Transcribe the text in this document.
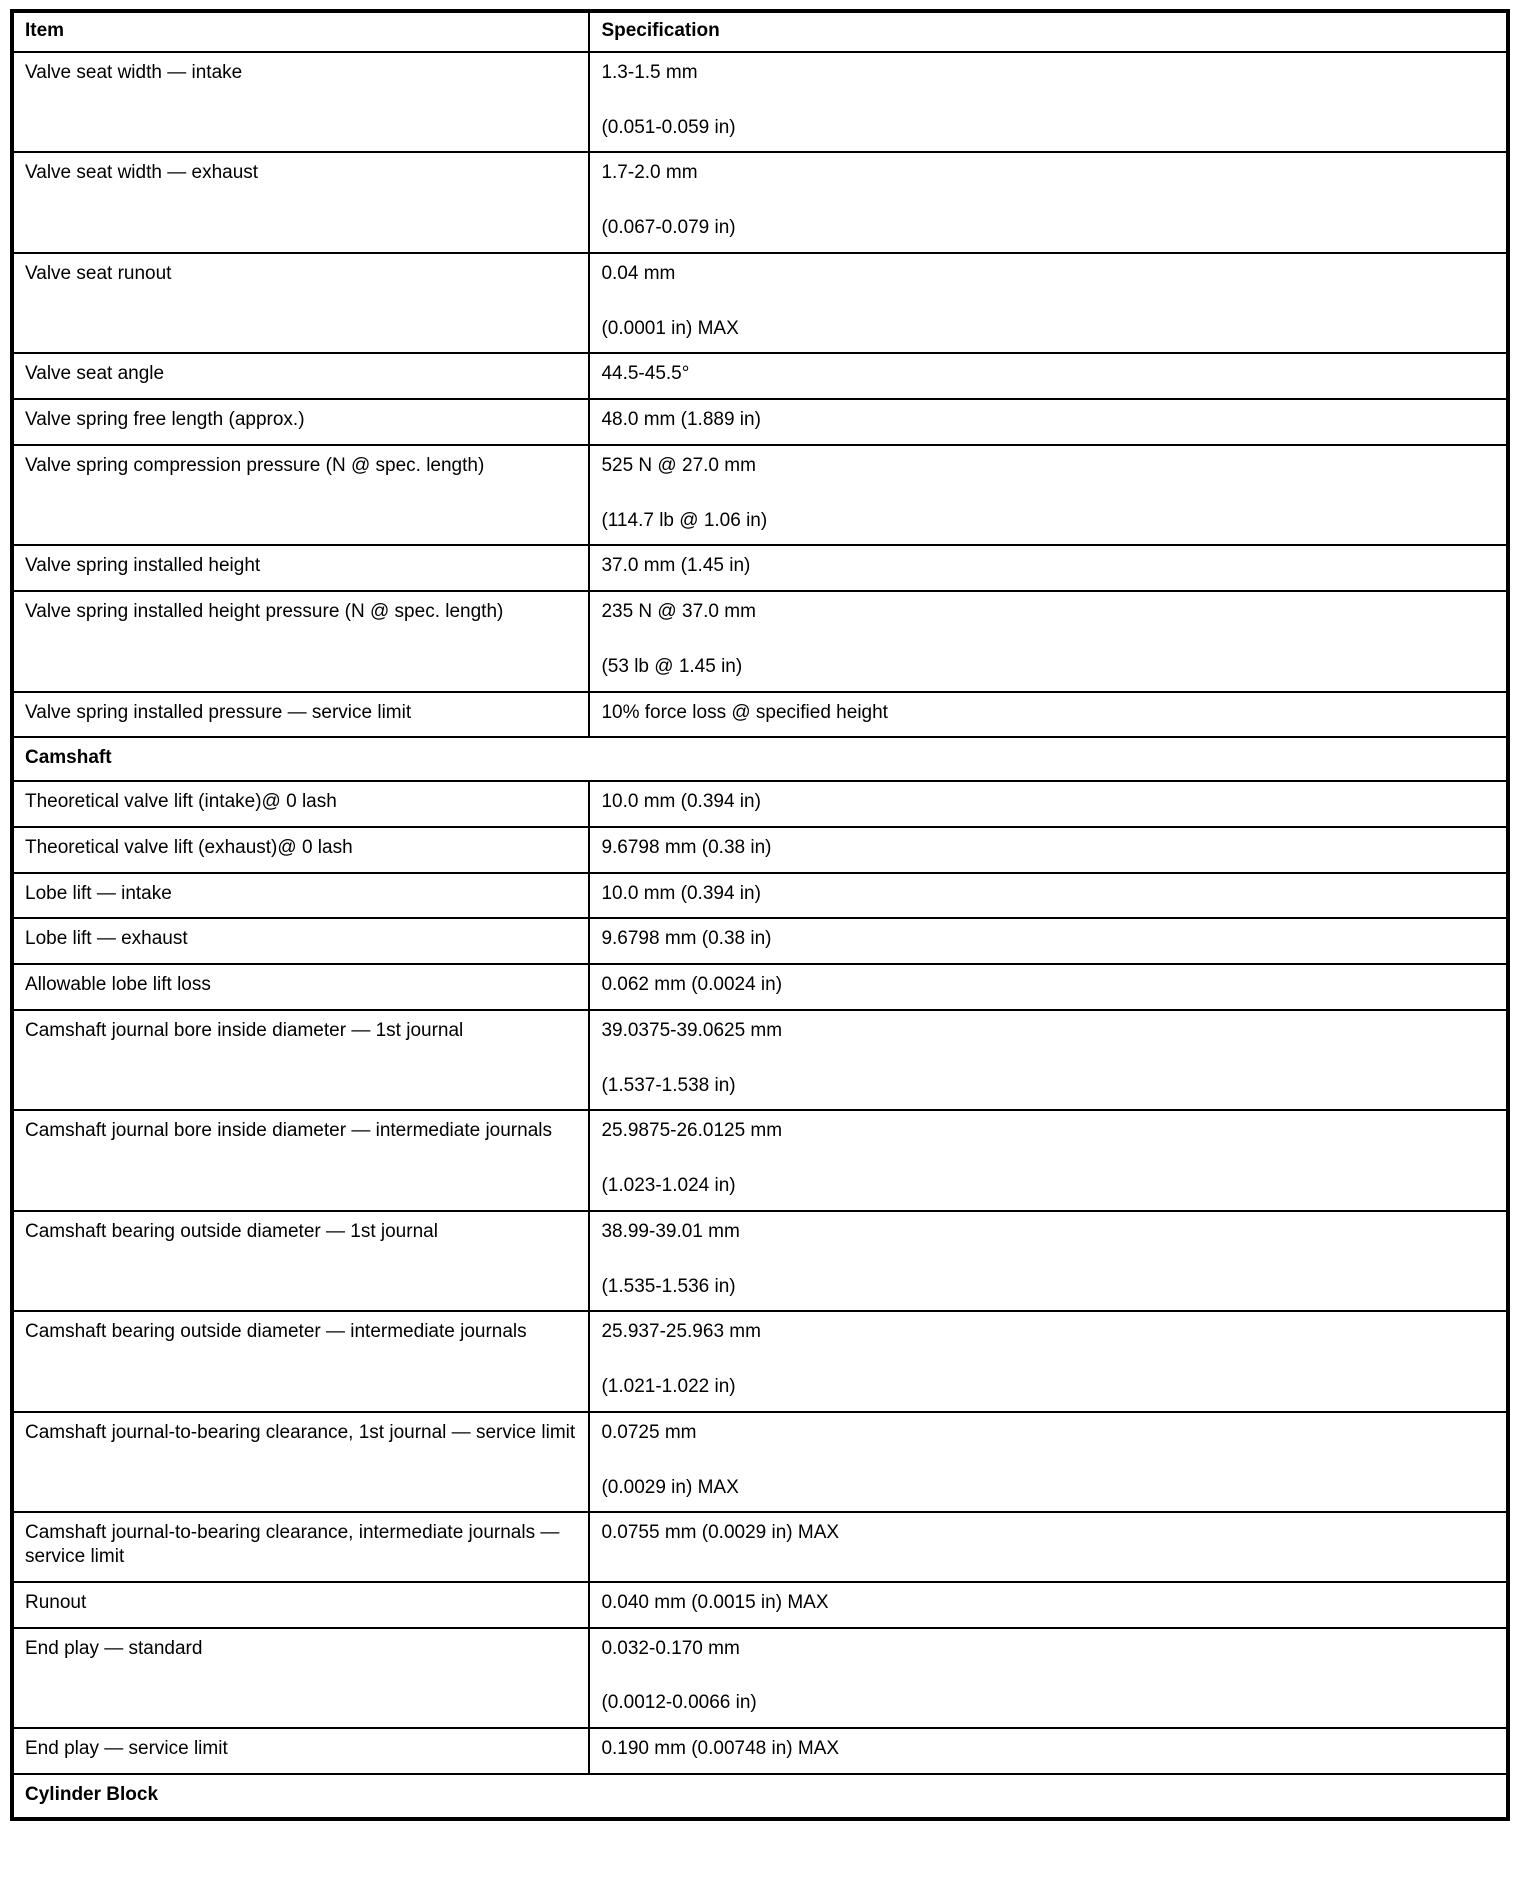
Item	Specification
Valve seat width — intake	1.3-1.5 mm
(0.051-0.059 in)

Valve seat width — exhaust	1.7-2.0 mm
(0.067-0.079 in)

Valve seat runout	0.04 mm
(0.0001 in) MAX

Valve seat angle	44.5-45.5°

Valve spring free length (approx.)	48.0 mm (1.889 in)

Valve spring compression pressure (N @ spec. length)	525 N @ 27.0 mm
(114.7 lb @ 1.06 in)

Valve spring installed height	37.0 mm (1.45 in)

Valve spring installed height pressure (N @ spec. length)	235 N @ 37.0 mm
(53 lb @ 1.45 in)

Valve spring installed pressure — service limit	10% force loss @ specified height

Camshaft	
Theoretical valve lift (intake)@ 0 lash	10.0 mm (0.394 in)

Theoretical valve lift (exhaust)@ 0 lash	9.6798 mm (0.38 in)

Lobe lift — intake	10.0 mm (0.394 in)

Lobe lift — exhaust	9.6798 mm (0.38 in)

Allowable lobe lift loss	0.062 mm (0.0024 in)

Camshaft journal bore inside diameter — 1st journal	39.0375-39.0625 mm
(1.537-1.538 in)

Camshaft journal bore inside diameter — intermediate journals	25.9875-26.0125 mm
(1.023-1.024 in)

Camshaft bearing outside diameter — 1st journal	38.99-39.01 mm
(1.535-1.536 in)

Camshaft bearing outside diameter — intermediate journals	25.937-25.963 mm
(1.021-1.022 in)

Camshaft journal-to-bearing clearance, 1st journal — service limit	0.0725 mm
(0.0029 in) MAX

Camshaft journal-to-bearing clearance, intermediate journals — service limit	0.0755 mm (0.0029 in) MAX

Runout	0.040 mm (0.0015 in) MAX

End play — standard	0.032-0.170 mm
(0.0012-0.0066 in)

End play — service limit	0.190 mm (0.00748 in) MAX

Cylinder Block	
